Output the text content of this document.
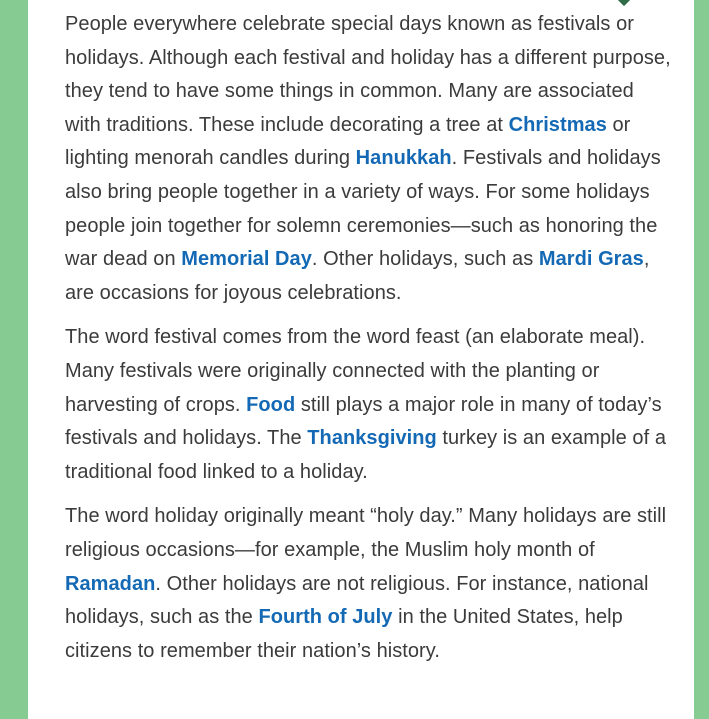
People everywhere celebrate special days known as festivals or holidays. Although each festival and holiday has a different purpose, they tend to have some things in common. Many are associated with traditions. These include decorating a tree at Christmas or lighting menorah candles during Hanukkah. Festivals and holidays also bring people together in a variety of ways. For some holidays people join together for solemn ceremonies—such as honoring the war dead on Memorial Day. Other holidays, such as Mardi Gras, are occasions for joyous celebrations.

The word festival comes from the word feast (an elaborate meal). Many festivals were originally connected with the planting or harvesting of crops. Food still plays a major role in many of today’s festivals and holidays. The Thanksgiving turkey is an example of a traditional food linked to a holiday.

The word holiday originally meant “holy day.” Many holidays are still religious occasions—for example, the Muslim holy month of Ramadan. Other holidays are not religious. For instance, national holidays, such as the Fourth of July in the United States, help citizens to remember their nation’s history.
